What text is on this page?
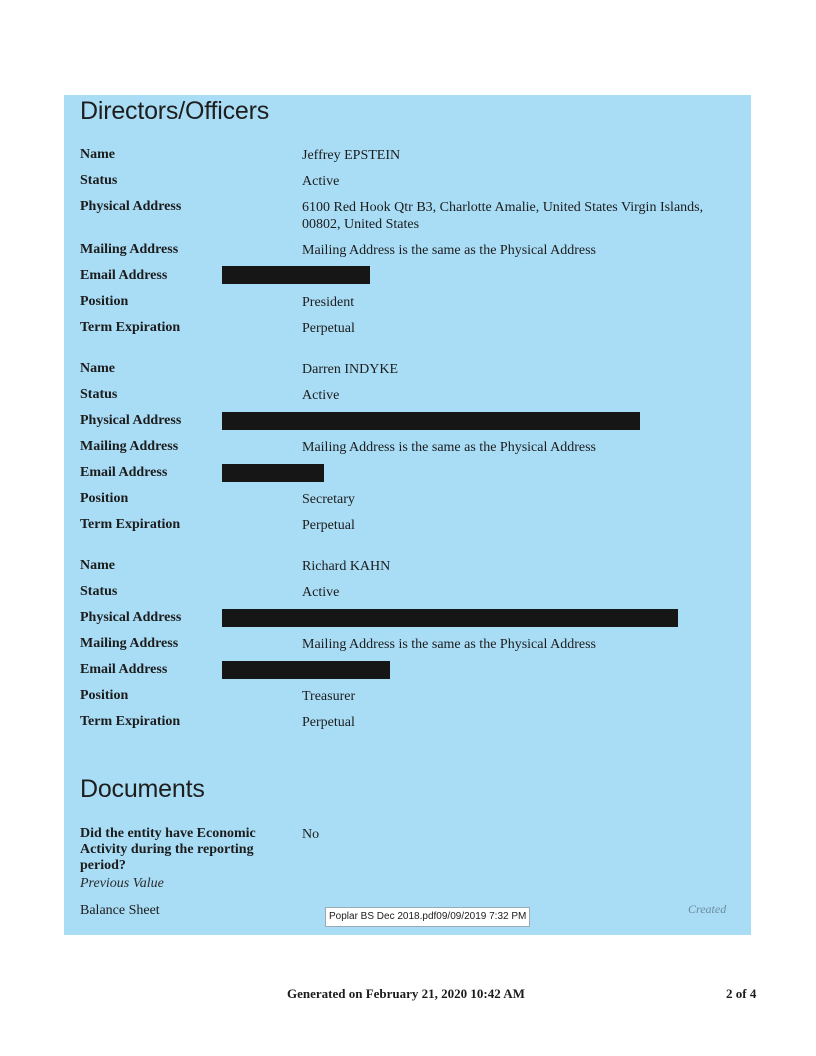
Directors/Officers
Name	Jeffrey EPSTEIN
Status	Active
Physical Address	6100 Red Hook Qtr B3, Charlotte Amalie, United States Virgin Islands, 00802, United States
Mailing Address	Mailing Address is the same as the Physical Address
Email Address
Position	President
Term Expiration	Perpetual
Name	Darren INDYKE
Status	Active
Physical Address
Mailing Address	Mailing Address is the same as the Physical Address
Email Address
Position	Secretary
Term Expiration	Perpetual
Name	Richard KAHN
Status	Active
Physical Address
Mailing Address	Mailing Address is the same as the Physical Address
Email Address
Position	Treasurer
Term Expiration	Perpetual
Documents
Did the entity have Economic Activity during the reporting period?
No
Previous Value
Balance Sheet	Poplar BS Dec 2018.pdf09/09/2019 7:32 PM
Created
Generated on February 21, 2020 10:42 AM	2 of 4
